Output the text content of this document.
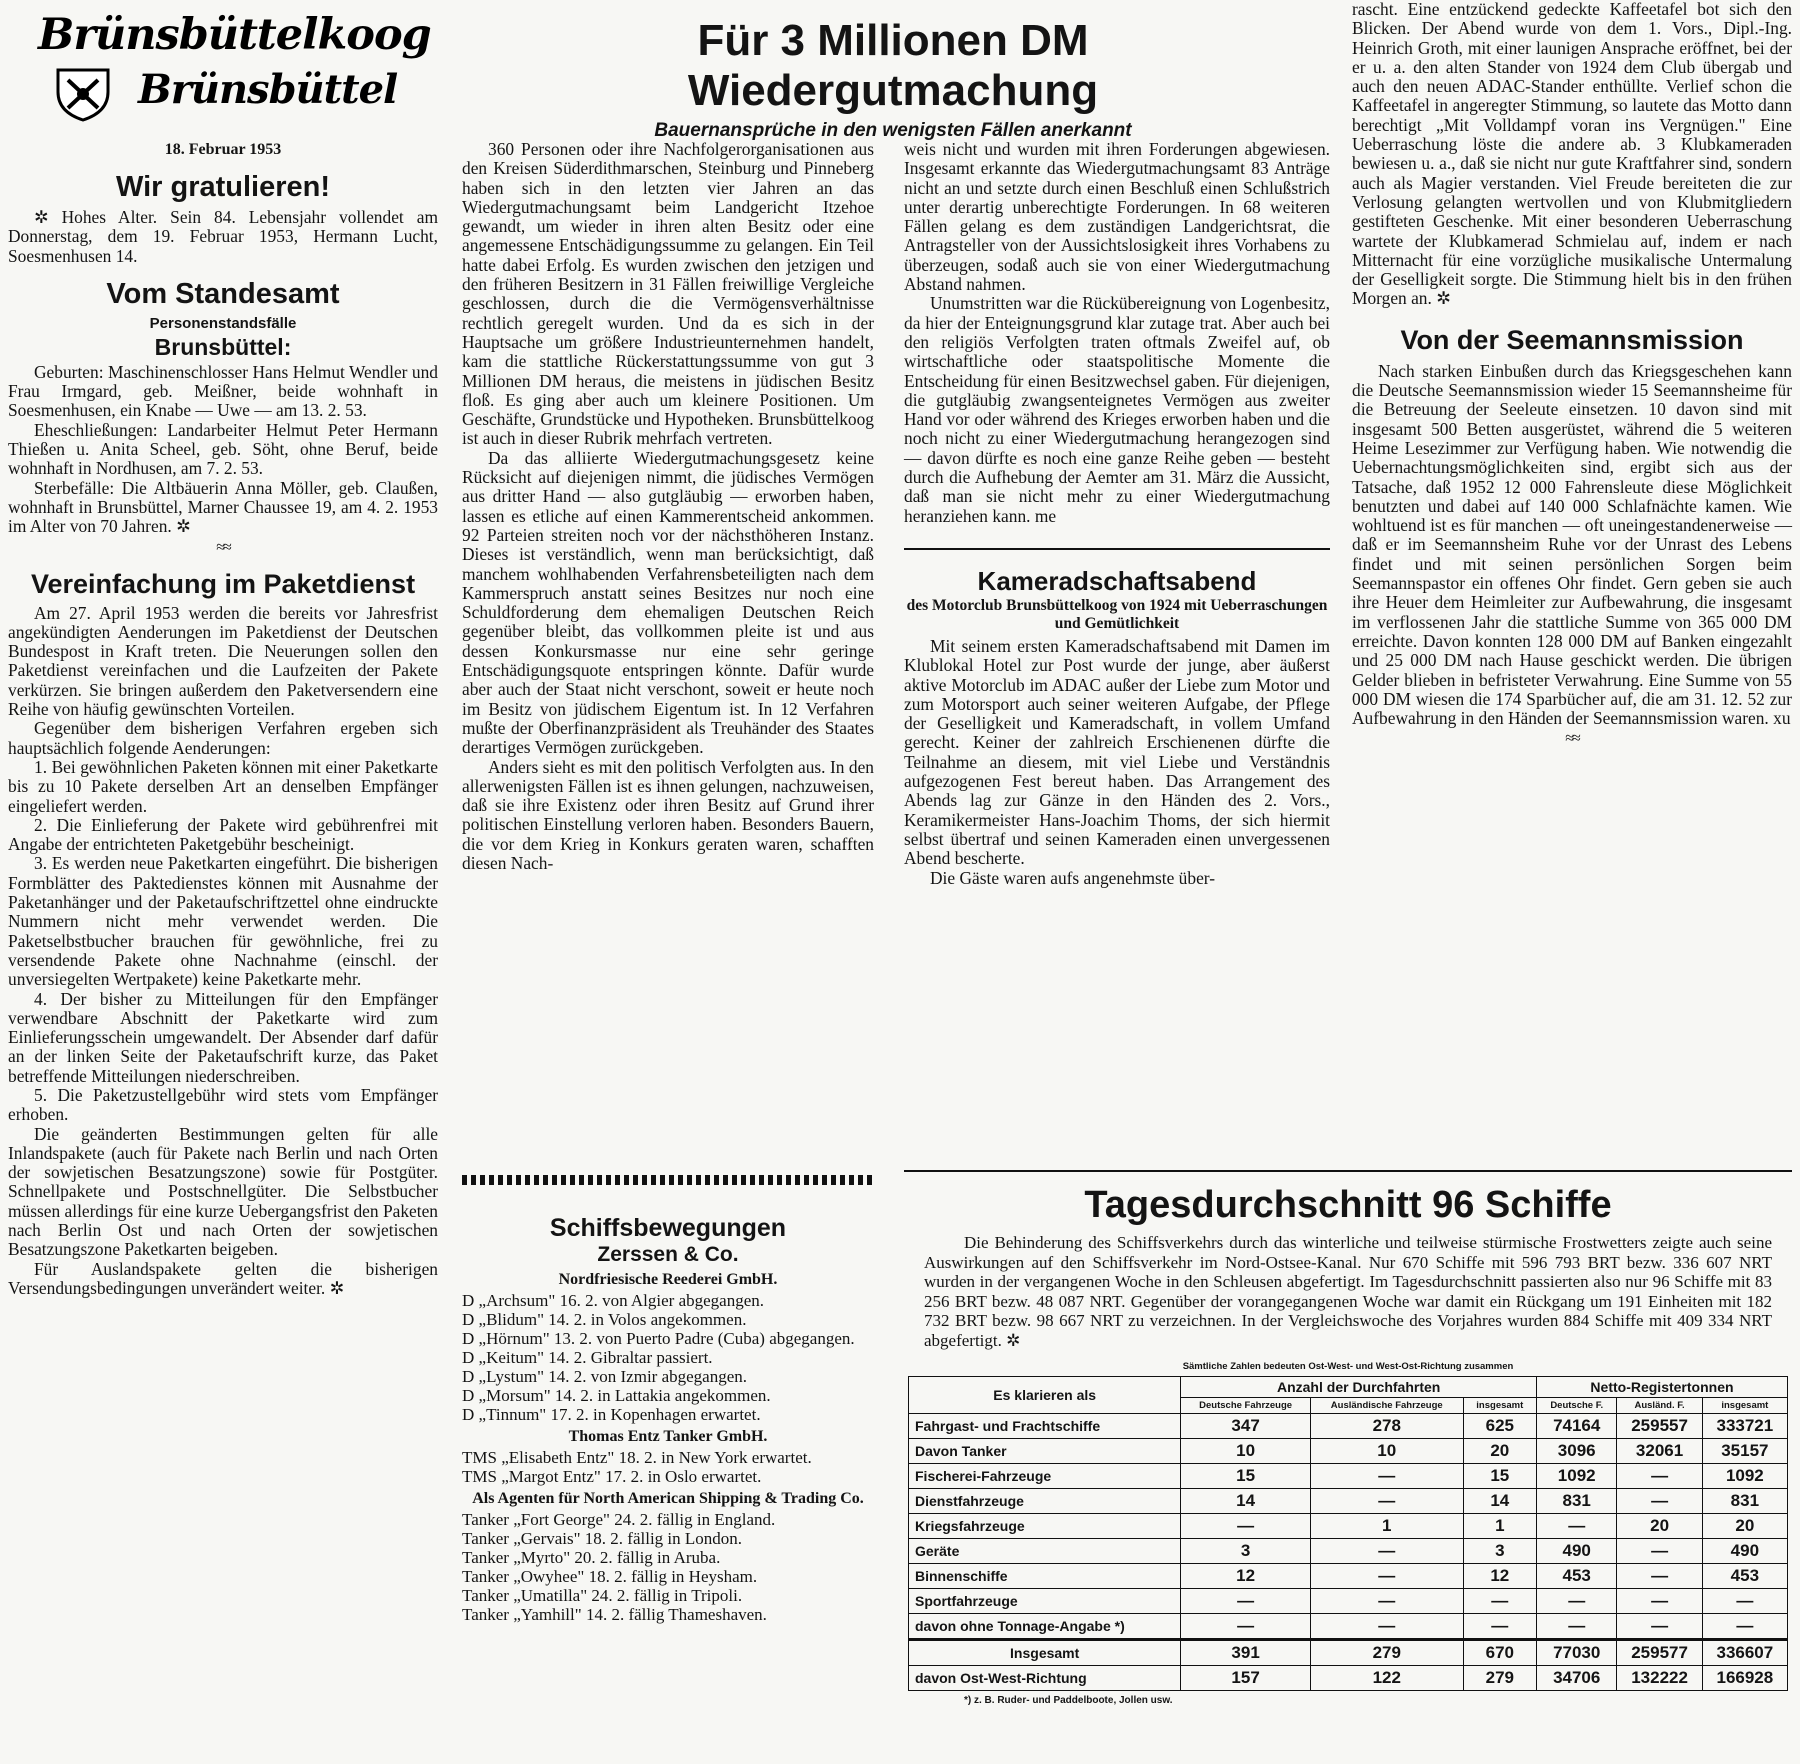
Brünsbüttelkoog
Brünsbüttel
18. Februar 1953
Wir gratulieren!

✲ Hohes Alter. Sein 84. Lebensjahr vollendet am Donnerstag, dem 19. Februar 1953, Hermann Lucht, Soesmenhusen 14.

Vom Standesamt
Personenstandsfälle
Brunsbüttel:

Geburten: Maschinenschlosser Hans Helmut Wendler und Frau Irmgard, geb. Meißner, beide wohnhaft in Soesmenhusen, ein Knabe — Uwe — am 13. 2. 53.

Eheschließungen: Landarbeiter Helmut Peter Hermann Thießen u. Anita Scheel, geb. Söht, ohne Beruf, beide wohnhaft in Nordhusen, am 7. 2. 53.

Sterbefälle: Die Altbäuerin Anna Möller, geb. Claußen, wohnhaft in Brunsbüttel, Marner Chaussee 19, am 4. 2. 1953 im Alter von 70 Jahren. ✲

≈≈
Vereinfachung im Paketdienst

Am 27. April 1953 werden die bereits vor Jahresfrist angekündigten Aenderungen im Paketdienst der Deutschen Bundespost in Kraft treten. Die Neuerungen sollen den Paketdienst vereinfachen und die Laufzeiten der Pakete verkürzen. Sie bringen außerdem den Paketversendern eine Reihe von häufig gewünschten Vorteilen.

Gegenüber dem bisherigen Verfahren ergeben sich hauptsächlich folgende Aenderungen:

1. Bei gewöhnlichen Paketen können mit einer Paketkarte bis zu 10 Pakete derselben Art an denselben Empfänger eingeliefert werden.

2. Die Einlieferung der Pakete wird gebührenfrei mit Angabe der entrichteten Paketgebühr bescheinigt.

3. Es werden neue Paketkarten eingeführt. Die bisherigen Formblätter des Paktedienstes können mit Ausnahme der Paketanhänger und der Paketaufschriftzettel ohne eindruckte Nummern nicht mehr verwendet werden. Die Paketselbstbucher brauchen für gewöhnliche, frei zu versendende Pakete ohne Nachnahme (einschl. der unversiegelten Wertpakete) keine Paketkarte mehr.

4. Der bisher zu Mitteilungen für den Empfänger verwendbare Abschnitt der Paketkarte wird zum Einlieferungsschein umgewandelt. Der Absender darf dafür an der linken Seite der Paketaufschrift kurze, das Paket betreffende Mitteilungen niederschreiben.

5. Die Paketzustellgebühr wird stets vom Empfänger erhoben.

Die geänderten Bestimmungen gelten für alle Inlandspakete (auch für Pakete nach Berlin und nach Orten der sowjetischen Besatzungszone) sowie für Postgüter. Schnellpakete und Postschnellgüter. Die Selbstbucher müssen allerdings für eine kurze Uebergangsfrist den Paketen nach Berlin Ost und nach Orten der sowjetischen Besatzungszone Paketkarten beigeben.

Für Auslandspakete gelten die bisherigen Versendungsbedingungen unverändert weiter. ✲

Für 3 Millionen DM
Wiedergutmachung
Bauernansprüche in den wenigsten Fällen anerkannt

360 Personen oder ihre Nachfolgerorganisationen aus den Kreisen Süderdithmarschen, Steinburg und Pinneberg haben sich in den letzten vier Jahren an das Wiedergutmachungsamt beim Landgericht Itzehoe gewandt, um wieder in ihren alten Besitz oder eine angemessene Entschädigungssumme zu gelangen. Ein Teil hatte dabei Erfolg. Es wurden zwischen den jetzigen und den früheren Besitzern in 31 Fällen freiwillige Vergleiche geschlossen, durch die die Vermögensverhältnisse rechtlich geregelt wurden. Und da es sich in der Hauptsache um größere Industrieunternehmen handelt, kam die stattliche Rückerstattungssumme von gut 3 Millionen DM heraus, die meistens in jüdischen Besitz floß. Es ging aber auch um kleinere Positionen. Um Geschäfte, Grundstücke und Hypotheken. Brunsbüttelkoog ist auch in dieser Rubrik mehrfach vertreten.

Da das alliierte Wiedergutmachungsgesetz keine Rücksicht auf diejenigen nimmt, die jüdisches Vermögen aus dritter Hand — also gutgläubig — erworben haben, lassen es etliche auf einen Kammerentscheid ankommen. 92 Parteien streiten noch vor der nächsthöheren Instanz. Dieses ist verständlich, wenn man berücksichtigt, daß manchem wohlhabenden Verfahrensbeteiligten nach dem Kammerspruch anstatt seines Besitzes nur noch eine Schuldforderung dem ehemaligen Deutschen Reich gegenüber bleibt, das vollkommen pleite ist und aus dessen Konkursmasse nur eine sehr geringe Entschädigungsquote entspringen könnte. Dafür wurde aber auch der Staat nicht verschont, soweit er heute noch im Besitz von jüdischem Eigentum ist. In 12 Verfahren mußte der Oberfinanzpräsident als Treuhänder des Staates derartiges Vermögen zurückgeben.

Anders sieht es mit den politisch Verfolgten aus. In den allerwenigsten Fällen ist es ihnen gelungen, nachzuweisen, daß sie ihre Existenz oder ihren Besitz auf Grund ihrer politischen Einstellung verloren haben. Besonders Bauern, die vor dem Krieg in Konkurs geraten waren, schafften diesen Nach-

Schiffsbewegungen
Zerssen & Co.
Nordfriesische Reederei GmbH.
D „Archsum" 16. 2. von Algier abgegangen.
D „Blidum" 14. 2. in Volos angekommen.
D „Hörnum" 13. 2. von Puerto Padre (Cuba) abgegangen.
D „Keitum" 14. 2. Gibraltar passiert.
D „Lystum" 14. 2. von Izmir abgegangen.
D „Morsum" 14. 2. in Lattakia angekommen.
D „Tinnum" 17. 2. in Kopenhagen erwartet.
Thomas Entz Tanker GmbH.
TMS „Elisabeth Entz" 18. 2. in New York erwartet.
TMS „Margot Entz" 17. 2. in Oslo erwartet.
Als Agenten für North American Shipping & Trading Co.
Tanker „Fort George" 24. 2. fällig in England.
Tanker „Gervais" 18. 2. fällig in London.
Tanker „Myrto" 20. 2. fällig in Aruba.
Tanker „Owyhee" 18. 2. fällig in Heysham.
Tanker „Umatilla" 24. 2. fällig in Tripoli.
Tanker „Yamhill" 14. 2. fällig Thameshaven.

weis nicht und wurden mit ihren Forderungen abgewiesen. Insgesamt erkannte das Wiedergutmachungsamt 83 Anträge nicht an und setzte durch einen Beschluß einen Schlußstrich unter derartig unberechtigte Forderungen. In 68 weiteren Fällen gelang es dem zuständigen Landgerichtsrat, die Antragsteller von der Aussichtslosigkeit ihres Vorhabens zu überzeugen, sodaß auch sie von einer Wiedergutmachung Abstand nahmen.

Unumstritten war die Rückübereignung von Logenbesitz, da hier der Enteignungsgrund klar zutage trat. Aber auch bei den religiös Verfolgten traten oftmals Zweifel auf, ob wirtschaftliche oder staatspolitische Momente die Entscheidung für einen Besitzwechsel gaben. Für diejenigen, die gutgläubig zwangsenteignetes Vermögen aus zweiter Hand vor oder während des Krieges erworben haben und die noch nicht zu einer Wiedergutmachung herangezogen sind — davon dürfte es noch eine ganze Reihe geben — besteht durch die Aufhebung der Aemter am 31. März die Aussicht, daß man sie nicht mehr zu einer Wiedergutmachung heranziehen kann. me

Kameradschaftsabend
des Motorclub Brunsbüttelkoog von 1924 mit Ueberraschungen und Gemütlichkeit

Mit seinem ersten Kameradschaftsabend mit Damen im Klublokal Hotel zur Post wurde der junge, aber äußerst aktive Motorclub im ADAC außer der Liebe zum Motor und zum Motorsport auch seiner weiteren Aufgabe, der Pflege der Geselligkeit und Kameradschaft, in vollem Umfand gerecht. Keiner der zahlreich Erschienenen dürfte die Teilnahme an diesem, mit viel Liebe und Verständnis aufgezogenen Fest bereut haben. Das Arrangement des Abends lag zur Gänze in den Händen des 2. Vors., Keramikermeister Hans-Joachim Thoms, der sich hiermit selbst übertraf und seinen Kameraden einen unvergessenen Abend bescherte.

Die Gäste waren aufs angenehmste über-

rascht. Eine entzückend gedeckte Kaffeetafel bot sich den Blicken. Der Abend wurde von dem 1. Vors., Dipl.-Ing. Heinrich Groth, mit einer launigen Ansprache eröffnet, bei der er u. a. den alten Stander von 1924 dem Club übergab und auch den neuen ADAC-Stander enthüllte. Verlief schon die Kaffeetafel in angeregter Stimmung, so lautete das Motto dann berechtigt „Mit Volldampf voran ins Vergnügen." Eine Ueberraschung löste die andere ab. 3 Klubkameraden bewiesen u. a., daß sie nicht nur gute Kraftfahrer sind, sondern auch als Magier verstanden. Viel Freude bereiteten die zur Verlosung gelangten wertvollen und von Klubmitgliedern gestifteten Geschenke. Mit einer besonderen Ueberraschung wartete der Klubkamerad Schmielau auf, indem er nach Mitternacht für eine vorzügliche musikalische Untermalung der Geselligkeit sorgte. Die Stimmung hielt bis in den frühen Morgen an. ✲

Von der Seemannsmission

Nach starken Einbußen durch das Kriegsgeschehen kann die Deutsche Seemannsmission wieder 15 Seemannsheime für die Betreuung der Seeleute einsetzen. 10 davon sind mit insgesamt 500 Betten ausgerüstet, während die 5 weiteren Heime Lesezimmer zur Verfügung haben. Wie notwendig die Uebernachtungsmöglichkeiten sind, ergibt sich aus der Tatsache, daß 1952 12 000 Fahrensleute diese Möglichkeit benutzten und dabei auf 140 000 Schlafnächte kamen. Wie wohltuend ist es für manchen — oft uneingestandenerweise — daß er im Seemannsheim Ruhe vor der Unrast des Lebens findet und mit seinen persönlichen Sorgen beim Seemannspastor ein offenes Ohr findet. Gern geben sie auch ihre Heuer dem Heimleiter zur Aufbewahrung, die insgesamt im verflossenen Jahr die stattliche Summe von 365 000 DM erreichte. Davon konnten 128 000 DM auf Banken eingezahlt und 25 000 DM nach Hause geschickt werden. Die übrigen Gelder blieben in befristeter Verwahrung. Eine Summe von 55 000 DM wiesen die 174 Sparbücher auf, die am 31. 12. 52 zur Aufbewahrung in den Händen der Seemannsmission waren. xu

≈≈
Tagesdurchschnitt 96 Schiffe

Die Behinderung des Schiffsverkehrs durch das winterliche und teilweise stürmische Frostwetters zeigte auch seine Auswirkungen auf den Schiffsverkehr im Nord-Ostsee-Kanal. Nur 670 Schiffe mit 596 793 BRT bezw. 336 607 NRT wurden in der vergangenen Woche in den Schleusen abgefertigt. Im Tagesdurchschnitt passierten also nur 96 Schiffe mit 83 256 BRT bezw. 48 087 NRT. Gegenüber der vorangegangenen Woche war damit ein Rückgang um 191 Einheiten mit 182 732 BRT bezw. 98 667 NRT zu verzeichnen. In der Vergleichswoche des Vorjahres wurden 884 Schiffe mit 409 334 NRT abgefertigt. ✲

Sämtliche Zahlen bedeuten Ost-West- und West-Ost-Richtung zusammen
Es klarieren als	Anzahl der Durchfahrten			Netto-Registertonnen		
	Deutsche Fahrzeuge	Ausländische Fahrzeuge	insgesamt	Deutsche F.	Ausländ. F.	insgesamt
Fahrgast- und Frachtschiffe	347	278	625	74164	259557	333721
Davon Tanker	10	10	20	3096	32061	35157
Fischerei-Fahrzeuge	15	—	15	1092	—	1092
Dienstfahrzeuge	14	—	14	831	—	831
Kriegsfahrzeuge	—	1	1	—	20	20
Geräte	3	—	3	490	—	490
Binnenschiffe	12	—	12	453	—	453
Sportfahrzeuge	—	—	—	—	—	—
davon ohne Tonnage-Angabe *)	—	—	—	—	—	—
Insgesamt	391	279	670	77030	259577	336607
davon Ost-West-Richtung	157	122	279	34706	132222	166928
*) z. B. Ruder- und Paddelboote, Jollen usw.
